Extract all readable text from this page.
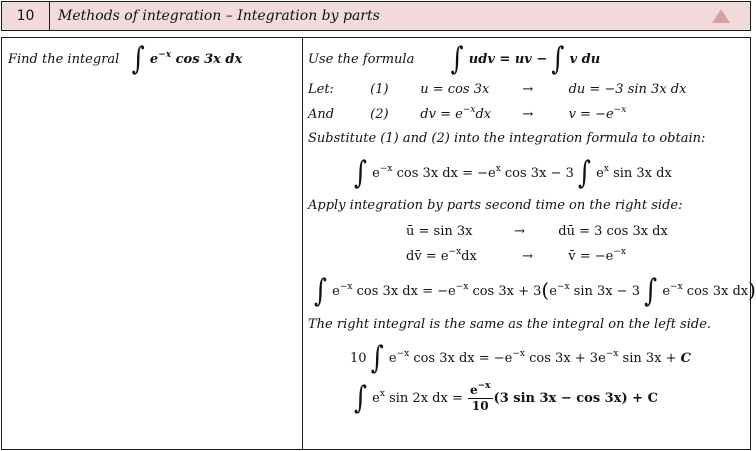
10	Methods of integration – Integration by parts
Find the integral ∫ $e^{-x}$ cos 3x dx	Use the formula ∫ udv = uv − ∫ v du
Let:	(1) u = cos 3x	→	du = −3 sin 3x dx
And	(2) dv = $e^{-x}dx$ →	$v = -e^{-x}$
Substitute (1) and (2) into the integration formula to obtain:
∫ $e^{-x}$ cos 3x dx = $-e^x$ cos 3x − 3 ∫ $e^x$ sin 3x dx
Apply integration by parts second time on the right side:
ū = sin 3x	→	dū = 3 cos 3x dx
dv̄ = $e^{-x}dx$	→	v̄ = $-e^{-x}$
∫ $e^{-x}$ cos 3x dx = $-e^{-x}$ $\cos 3x + 3(e^{-x}$ sin 3x − 3 ∫ $e^{-x}$ cos 3x dx)
The right integral is the same as the integral on the left side.
10 ∫ $e^{-x}$ cos 3x dx = $-e^{-x}$ $\cos 3x + 3e^{-x}$ sin 3x + C
∫ $e^x$ sin 2x dx = $\frac{e^{-x}}{10} (3$ sin 3x − cos 3x) + C
